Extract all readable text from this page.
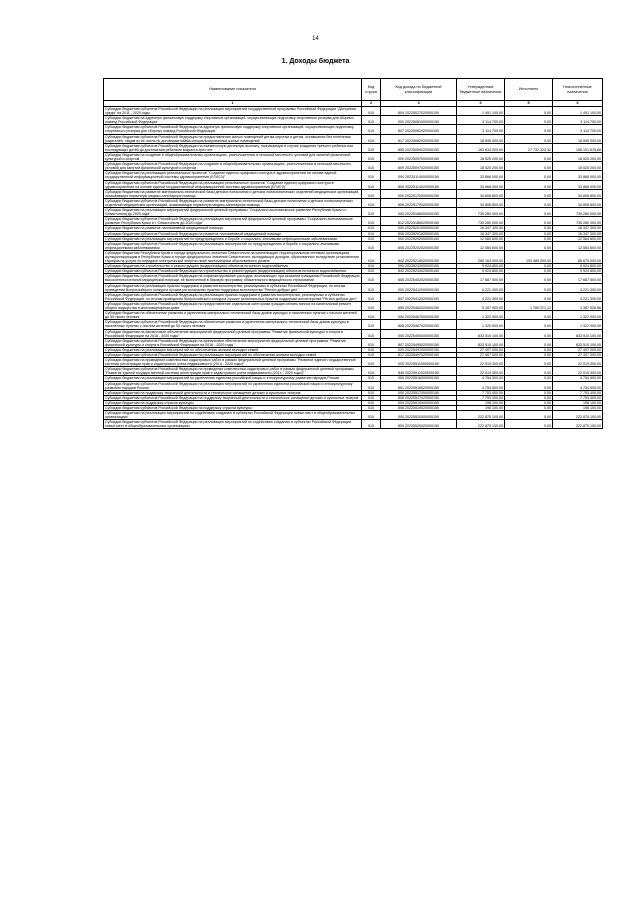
14
1. Доходы бюджета
Наименование показателя	Код строки	Код дохода по бюджетной классификации	Утвержденные бюджетные назначения	Исполнено	Неисполненные назначения
1	2	3	4	5	6
Субсидии бюджетам субъектов Российской Федерации на реализацию мероприятий государственной программы Российской Федерации "Доступная среда" на 2011 - 2020 годы	010	809 20225027020000150	1 491 100,00	0,00	1 491 100,00
Субсидии бюджетам на адресную финансовую поддержку спортивных организаций, осуществляющих подготовку спортивного резерва для сборных команд Российской Федерации	010	000 20225081000000150	3 114 700,00	0,00	3 114 700,00
Субсидии бюджетам субъектов Российской Федерации на адресную финансовую поддержку спортивных организаций, осуществляющих подготовку спортивного резерва для сборных команд Российской Федерации	010	807 20225081020000150	3 114 700,00	0,00	3 114 700,00
Субсидии бюджетам субъектов Российской Федерации на предоставление жилых помещений детям-сиротам и детям, оставшимся без попечения родителей, лицам из их числа по договорам найма специализированных жилых помещений	010	817 20225082020000150	18 595 000,00	0,00	18 595 000,00
Субсидии бюджетам субъектов Российской Федерации на ежемесячную денежную выплату, назначаемую в случае рождения третьего ребенка или последующих детей до достижения ребенком возраста трех лет	010	855 20225084020000150	183 834 000,00	27 732 323,32	156 101 676,68
Субсидии бюджетам на создание в общеобразовательных организациях, расположенных в сельской местности, условий для занятий физической культурой и спортом	010	000 20225097000000150	18 525 200,00	0,00	18 525 200,00
Субсидии бюджетам субъектов Российской Федерации на создание в общеобразовательных организациях, расположенных в сельской местности, условий для занятий физической культурой и спортом	010	809 20225097020000150	18 525 200,00	0,00	18 525 200,00
Субсидии бюджетам на реализацию региональных проектов "Создание единого цифрового контура в здравоохранении на основе единой государственной информационной системы здравоохранения (ЕГИСЗ)"	010	000 20225114000000150	33 868 000,00	0,00	33 868 000,00
Субсидии бюджетам субъектов Российской Федерации на реализацию региональных проектов "Создание единого цифрового контура в здравоохранении на основе единой государственной информационной системы здравоохранения (ЕГИСЗ)"	010	806 20225114020000150	33 868 000,00	0,00	33 868 000,00
Субсидии бюджетам на развитие материально-технической базы детских поликлиник и детских поликлинических отделений медицинских организаций, оказывающих первичную медико-санитарную помощь	010	000 20225170000000150	34 808 800,00	0,00	34 808 800,00
Субсидии бюджетам субъектов Российской Федерации на развитие материально-технической базы детских поликлиник и детских поликлинических отделений медицинских организаций, оказывающих первичную медико-санитарную помощь	010	806 20225170020000150	34 808 800,00	0,00	34 808 800,00
Субсидии бюджетам на реализацию мероприятий федеральной целевой программы "Социально-экономическое развитие Республики Крым и г. Севастополя до 2020 года"	010	000 20225188000000150	735 280 000,00	0,00	735 280 000,00
Субсидии бюджетам субъектов Российской Федерации на реализацию мероприятий федеральной целевой программы "Социально-экономическое развитие Республики Крым и г. Севастополя до 2020 года"	010	812 20225188020000150	735 280 000,00	0,00	735 280 000,00
Субсидии бюджетам на развитие паллиативной медицинской помощи	010	000 20225201000000150	16 347 300,00	0,00	16 347 300,00
Субсидии бюджетам субъектов Российской Федерации на развитие паллиативной медицинской помощи	010	806 20225201020000150	16 347 300,00	0,00	16 347 300,00
Субсидии бюджетам на реализацию мероприятий по предупреждению и борьбе с социально значимыми инфекционными заболеваниями	010	000 20225202000000150	12 584 600,00	0,00	12 584 600,00
Субсидии бюджетам субъектов Российской Федерации на реализацию мероприятий по предупреждению и борьбе с социально значимыми инфекционными заболеваниями	010	806 20225202020000150	12 584 600,00	0,00	12 584 600,00
Субсидии бюджетам Республики Крым и города федерального значения Севастополя на компенсацию территориальным сетевым организациям, функционирующим в Республике Крым и городе федерального значения Севастополе, выпадающих доходов, образованных вследствие установления тарифов на услуги по передаче электрической энергии ниже экономически обоснованного уровня	010	842 20225218020000150	280 164 000,00	193 489 000,00	86 675 000,00
Субсидии бюджетам на строительство и реконструкцию (модернизацию) объектов питьевого водоснабжения	010	000 20225243000000150	9 924 800,00	0,00	9 924 800,00
Субсидии бюджетам субъектов Российской Федерации на строительство и реконструкцию (модернизацию) объектов питьевого водоснабжения	010	842 20225243020000150	9 924 800,00	0,00	9 924 800,00
Субсидии бюджетам субъектов Российской Федерации на софинансирование расходов, возникающих при оказании гражданам Российской Федерации высокотехнологичной медицинской помощи, не включенной в базовую программу обязательного медицинского страхования	010	806 20225402020000150	17 687 500,00	0,00	17 687 500,00
Субсидии бюджетам на реализацию практик поддержки и развития волонтерства, реализуемых в субъектах Российской Федерации, по итогам проведения Всероссийского конкурса лучших региональных практик поддержки волонтерства "Регион добрых дел"	010	000 20225412000000150	4 221 300,00	0,00	4 221 300,00
Субсидии бюджетам субъектов Российской Федерации на реализацию практик поддержки и развития волонтерства, реализуемых в субъектах Российской Федерации, по итогам проведения Всероссийского конкурса лучших региональных практик поддержки волонтерства "Регион добрых дел"	010	807 20225412020000150	4 221 300,00	0,00	4 221 300,00
Субсидии бюджетам субъектов Российской Федерации на предоставление отдельным категориям граждан оплаты взноса на капитальный ремонт общего имущества в многоквартирном доме	010	855 20225462020000150	5 167 900,00	1 780 371,12	3 387 528,88
Субсидии бюджетам на обеспечение развития и укрепления материально-технической базы домов культуры в населенных пунктах с числом жителей до 50 тысяч человек	010	000 20225467000000150	1 322 900,00	0,00	1 322 900,00
Субсидии бюджетам субъектов Российской Федерации на обеспечение развития и укрепления материально-технической базы домов культуры в населенных пунктах с числом жителей до 50 тысяч человек	010	808 20225467020000150	1 322 900,00	0,00	1 322 900,00
Субсидии бюджетам на финансовое обеспечение мероприятий федеральной целевой программы "Развитие физической культуры и спорта в Российской Федерации на 2016 - 2020 годы"	010	000 20225495000000150	833 510 100,00	0,00	833 510 100,00
Субсидии бюджетам субъектов Российской Федерации на финансовое обеспечение мероприятий федеральной целевой программы "Развитие физической культуры и спорта в Российской Федерации на 2016 - 2020 годы"	010	807 20225495020000150	833 510 100,00	0,00	833 510 100,00
Субсидии бюджетам на реализацию мероприятий по обеспечению жильем молодых семей	010	000 20225497000000150	27 407 000,00	0,00	27 407 000,00
Субсидии бюджетам субъектов Российской Федерации на реализацию мероприятий по обеспечению жильем молодых семей	010	817 20225497020000150	27 407 000,00	0,00	27 407 000,00
Субсидии бюджетам на проведение комплексных кадастровых работ в рамках федеральной целевой программы "Развитие единой государственной системы регистрации прав и кадастрового учета недвижимости (2014 - 2020 годы)"	010	000 20225511000000150	22 019 300,00	0,00	22 019 300,00
Субсидии бюджетам субъектов Российской Федерации на проведение комплексных кадастровых работ в рамках федеральной целевой программы "Развитие единой государственной системы регистрации прав и кадастрового учета недвижимости (2014 - 2020 годы)"	010	848 20225511020000150	22 019 300,00	0,00	22 019 300,00
Субсидии бюджетам на реализацию мероприятий по укреплению единства российской нации и этнокультурному развитию народов России	010	000 20225516000000150	4 754 500,00	0,00	4 754 500,00
Субсидии бюджетам субъектов Российской Федерации на реализацию мероприятий по укреплению единства российской нации и этнокультурному развитию народов России	010	851 20225516020000150	4 754 500,00	0,00	4 754 500,00
Субсидии бюджетам на поддержку творческой деятельности и техническое оснащение детских и кукольных театров	010	000 20225517000000150	7 753 400,00	0,00	7 753 400,00
Субсидии бюджетам субъектов Российской Федерации на поддержку творческой деятельности и техническое оснащение детских и кукольных театров	010	808 20225517020000150	7 753 400,00	0,00	7 753 400,00
Субсидии бюджетам на поддержку отрасли культуры	010	000 20225519000000150	198 100,00	0,00	198 100,00
Субсидии бюджетам субъектов Российской Федерации на поддержку отрасли культуры	010	808 20225519020000150	198 100,00	0,00	198 100,00
Субсидии бюджетам на реализацию мероприятий по содействию созданию в субъектах Российской Федерации новых мест в общеобразовательных организациях	010	000 20225520000000150	222 875 100,00	0,00	222 875 100,00
Субсидии бюджетам субъектов Российской Федерации на реализацию мероприятий по содействию созданию в субъектах Российской Федерации новых мест в общеобразовательных организациях	010	809 20225520020000150	222 875 100,00	0,00	222 875 100,00
